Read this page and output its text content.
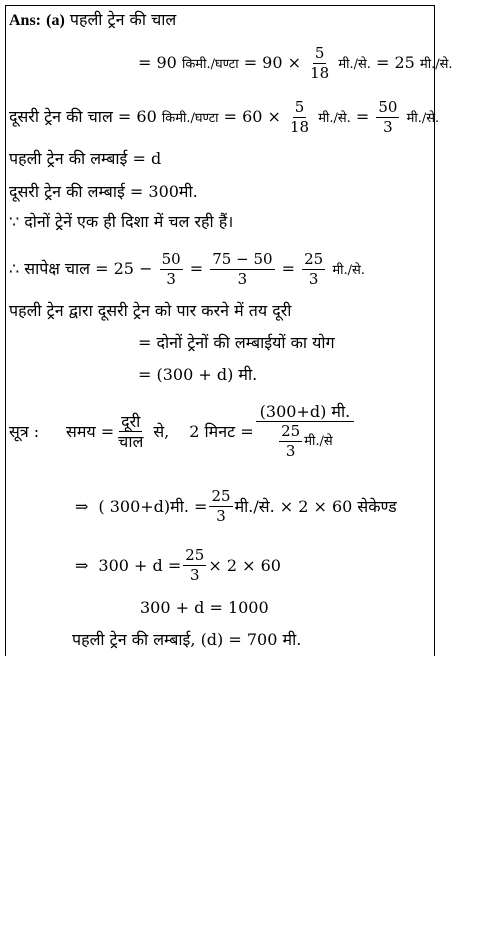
Ans: (a) पहली ट्रेन की चाल
= 90 किमी./घण्टा = $90 \times \frac{5}{18}$ मी./से. = 25 मी./से.
दूसरी ट्रेन की चाल = 60 किमी./घण्टा = $60 \times \frac{5}{18}$ मी./से. = $\frac{50}{3}$ मी./से.
पहली ट्रेन की लम्बाई = d
दूसरी ट्रेन की लम्बाई = 300मी.
∵ दोनों ट्रेनें एक ही दिशा में चल रही हैं।
∴ सापेक्ष चाल = $25 - \frac{50}{3} = \frac{75 - 50}{3} = \frac{25}{3}$ मी./से.
पहली ट्रेन द्वारा दूसरी ट्रेन को पार करने में तय दूरी
= दोनों ट्रेनों की लम्बाईयों का योग
= (300 + d) मी.
सूत्र :	समय = दूरी
चाल
से, 2 मिनट =
(300+d) मी.
25
3
मी./से
⇒ ( 300+d)मी. = $\frac{25}{3}$ मी./से. × 2 × 60 सेकेण्ड
⇒ $300 + d = \frac{25}{3} \times 2 \times 60$
300 + d = 1000
पहली ट्रेन की लम्बाई, (d) = 700 मी.
